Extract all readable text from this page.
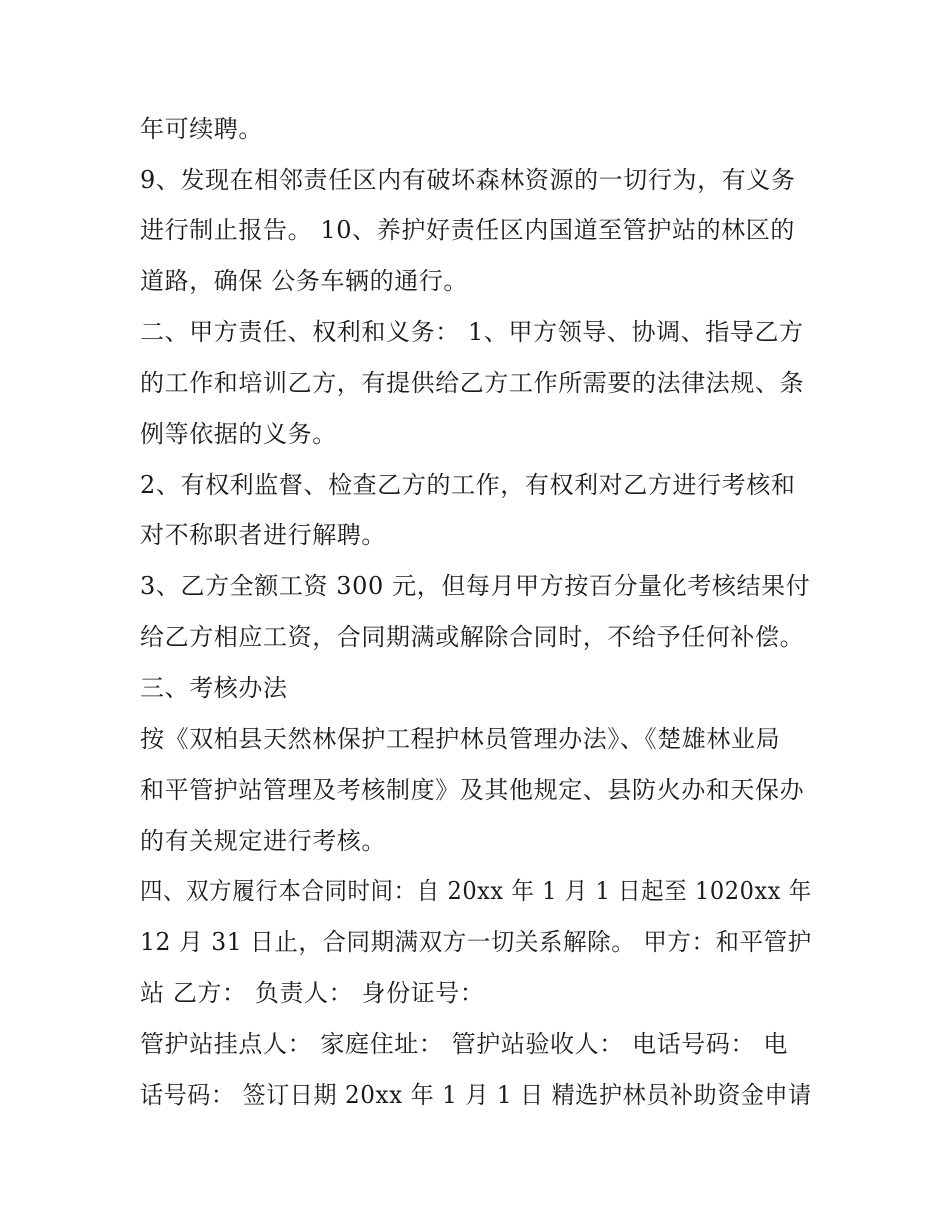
年可续聘。
9、发现在相邻责任区内有破坏森林资源的一切行为，有义务
进行制止报告。 10、养护好责任区内国道至管护站的林区的
道路，确保 公务车辆的通行。
二、甲方责任、权利和义务： 1、甲方领导、协调、指导乙方
的工作和培训乙方，有提供给乙方工作所需要的法律法规、条
例等依据的义务。
2、有权利监督、检查乙方的工作，有权利对乙方进行考核和
对不称职者进行解聘。
3、乙方全额工资 300 元，但每月甲方按百分量化考核结果付
给乙方相应工资，合同期满或解除合同时，不给予任何补偿。
三、考核办法
按《双柏县天然林保护工程护林员管理办法》、《楚雄林业局
和平管护站管理及考核制度》及其他规定、县防火办和天保办
的有关规定进行考核。
四、双方履行本合同时间：自 20xx 年 1 月 1 日起至 1020xx 年
12 月 31 日止，合同期满双方一切关系解除。 甲方：和平管护
站 乙方： 负责人： 身份证号：
管护站挂点人： 家庭住址： 管护站验收人： 电话号码： 电
话号码： 签订日期 20xx 年 1 月 1 日 精选护林员补助资金申请
